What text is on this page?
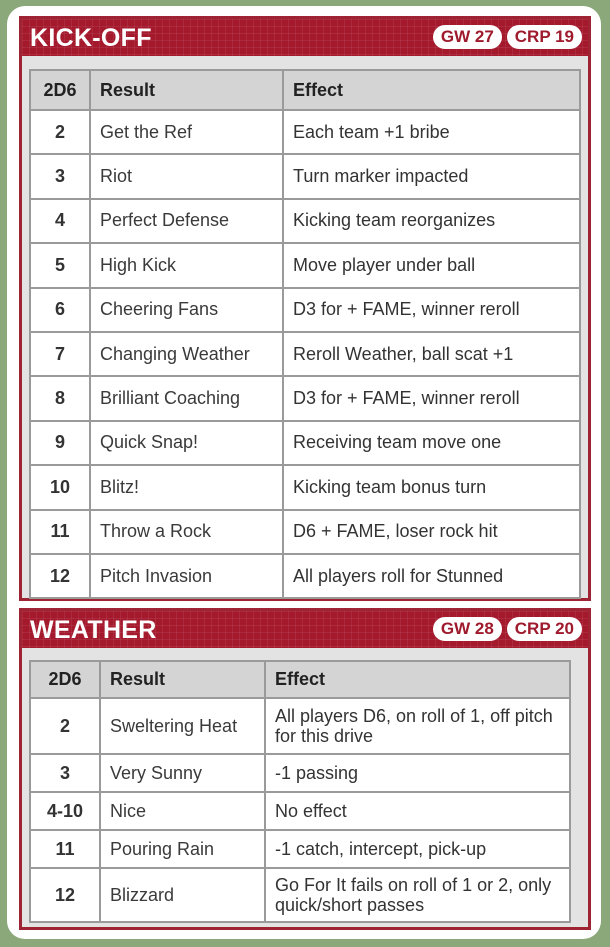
KICK-OFF	GW 27	CRP 19
2D6	Result	Effect
2	Get the Ref	Each team +1 bribe
3	Riot	Turn marker impacted
4	Perfect Defense	Kicking team reorganizes
5	High Kick	Move player under ball
6	Cheering Fans	D3 for + FAME, winner reroll
7	Changing Weather	Reroll Weather, ball scat +1
8	Brilliant Coaching	D3 for + FAME, winner reroll
9	Quick Snap!	Receiving team move one
10	Blitz!	Kicking team bonus turn
11	Throw a Rock	D6 + FAME, loser rock hit
12	Pitch Invasion	All players roll for Stunned
WEATHER	GW 28	CRP 20
2D6	Result	Effect
2	Sweltering Heat	All players D6, on roll of 1, off pitch for this drive
3	Very Sunny	-1 passing
4-10	Nice	No effect
11	Pouring Rain	-1 catch, intercept, pick-up
12	Blizzard	Go For It fails on roll of 1 or 2, only quick/short passes
